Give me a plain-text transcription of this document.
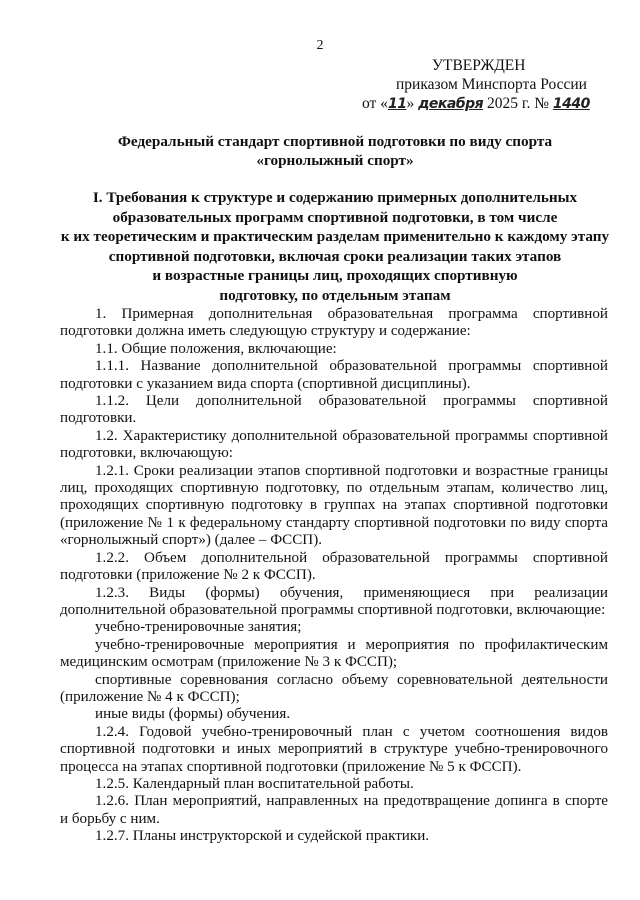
2
УТВЕРЖДЕН
приказом Минспорта России
от «11» декабря 2025 г. № 1440
Федеральный стандарт спортивной подготовки по виду спорта
«горнолыжный спорт»
I. Требования к структуре и содержанию примерных дополнительных
образовательных программ спортивной подготовки, в том числе
к их теоретическим и практическим разделам применительно к каждому этапу
спортивной подготовки, включая сроки реализации таких этапов
и возрастные границы лиц, проходящих спортивную
подготовку, по отдельным этапам

1. Примерная дополнительная образовательная программа спортивной подготовки должна иметь следующую структуру и содержание:

1.1. Общие положения, включающие:

1.1.1. Название дополнительной образовательной программы спортивной подготовки с указанием вида спорта (спортивной дисциплины).

1.1.2. Цели дополнительной образовательной программы спортивной подготовки.

1.2. Характеристику дополнительной образовательной программы спортивной подготовки, включающую:

1.2.1. Сроки реализации этапов спортивной подготовки и возрастные границы лиц, проходящих спортивную подготовку, по отдельным этапам, количество лиц, проходящих спортивную подготовку в группах на этапах спортивной подготовки (приложение № 1 к федеральному стандарту спортивной подготовки по виду спорта «горнолыжный спорт») (далее – ФССП).

1.2.2. Объем дополнительной образовательной программы спортивной подготовки (приложение № 2 к ФССП).

1.2.3. Виды (формы) обучения, применяющиеся при реализации дополнительной образовательной программы спортивной подготовки, включающие:

учебно-тренировочные занятия;

учебно-тренировочные мероприятия и мероприятия по профилактическим медицинским осмотрам (приложение № 3 к ФССП);

спортивные соревнования согласно объему соревновательной деятельности (приложение № 4 к ФССП);

иные виды (формы) обучения.

1.2.4. Годовой учебно-тренировочный план с учетом соотношения видов спортивной подготовки и иных мероприятий в структуре учебно-тренировочного процесса на этапах спортивной подготовки (приложение № 5 к ФССП).

1.2.5. Календарный план воспитательной работы.

1.2.6. План мероприятий, направленных на предотвращение допинга в спорте и борьбу с ним.

1.2.7. Планы инструкторской и судейской практики.
